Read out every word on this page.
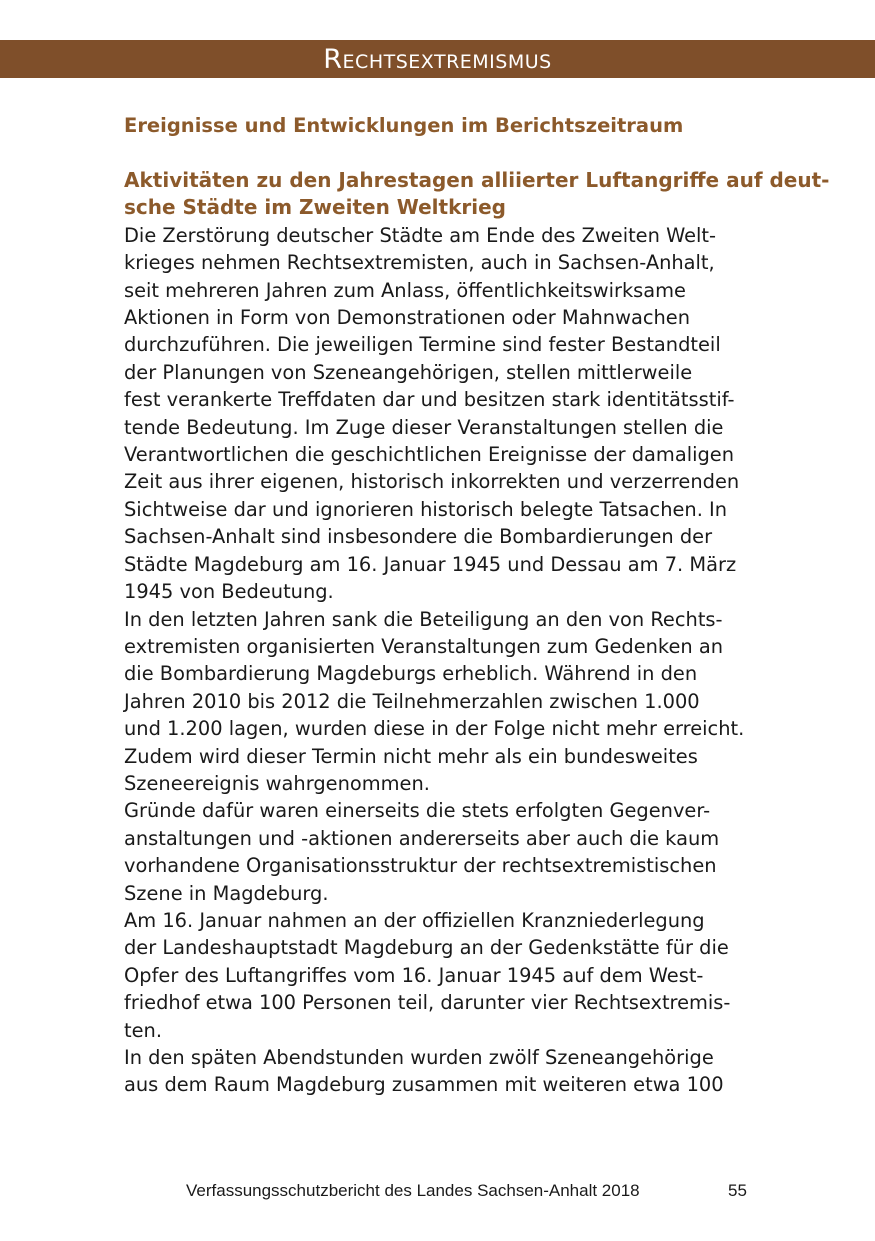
Rechtsextremismus
Ereignisse und Entwicklungen im Berichtszeitraum
Aktivitäten zu den Jahrestagen alliierter Luftangriffe auf deut-
sche Städte im Zweiten Weltkrieg

Die Zerstörung deutscher Städte am Ende des Zweiten Welt-
krieges nehmen Rechtsextremisten, auch in Sachsen-Anhalt,
seit mehreren Jahren zum Anlass, öffentlichkeitswirksame
Aktionen in Form von Demonstrationen oder Mahnwachen
durchzuführen. Die jeweiligen Termine sind fester Bestandteil
der Planungen von Szeneangehörigen, stellen mittlerweile
fest verankerte Treffdaten dar und besitzen stark identitätsstif-
tende Bedeutung. Im Zuge dieser Veranstaltungen stellen die
Verantwortlichen die geschichtlichen Ereignisse der damaligen
Zeit aus ihrer eigenen, historisch inkorrekten und verzerrenden
Sichtweise dar und ignorieren historisch belegte Tatsachen. In
Sachsen-Anhalt sind insbesondere die Bombardierungen der
Städte Magdeburg am 16. Januar 1945 und Dessau am 7. März
1945 von Bedeutung.

In den letzten Jahren sank die Beteiligung an den von Rechts-
extremisten organisierten Veranstaltungen zum Gedenken an
die Bombardierung Magdeburgs erheblich. Während in den
Jahren 2010 bis 2012 die Teilnehmerzahlen zwischen 1.000
und 1.200 lagen, wurden diese in der Folge nicht mehr erreicht.
Zudem wird dieser Termin nicht mehr als ein bundesweites
Szeneereignis wahrgenommen.

Gründe dafür waren einerseits die stets erfolgten Gegenver-
anstaltungen und -aktionen andererseits aber auch die kaum
vorhandene Organisationsstruktur der rechtsextremistischen
Szene in Magdeburg.

Am 16. Januar nahmen an der offiziellen Kranzniederlegung
der Landeshauptstadt Magdeburg an der Gedenkstätte für die
Opfer des Luftangriffes vom 16. Januar 1945 auf dem West-
friedhof etwa 100 Personen teil, darunter vier Rechtsextremis-
ten.

In den späten Abendstunden wurden zwölf Szeneangehörige
aus dem Raum Magdeburg zusammen mit weiteren etwa 100

Verfassungsschutzbericht des Landes Sachsen-Anhalt 2018	55
